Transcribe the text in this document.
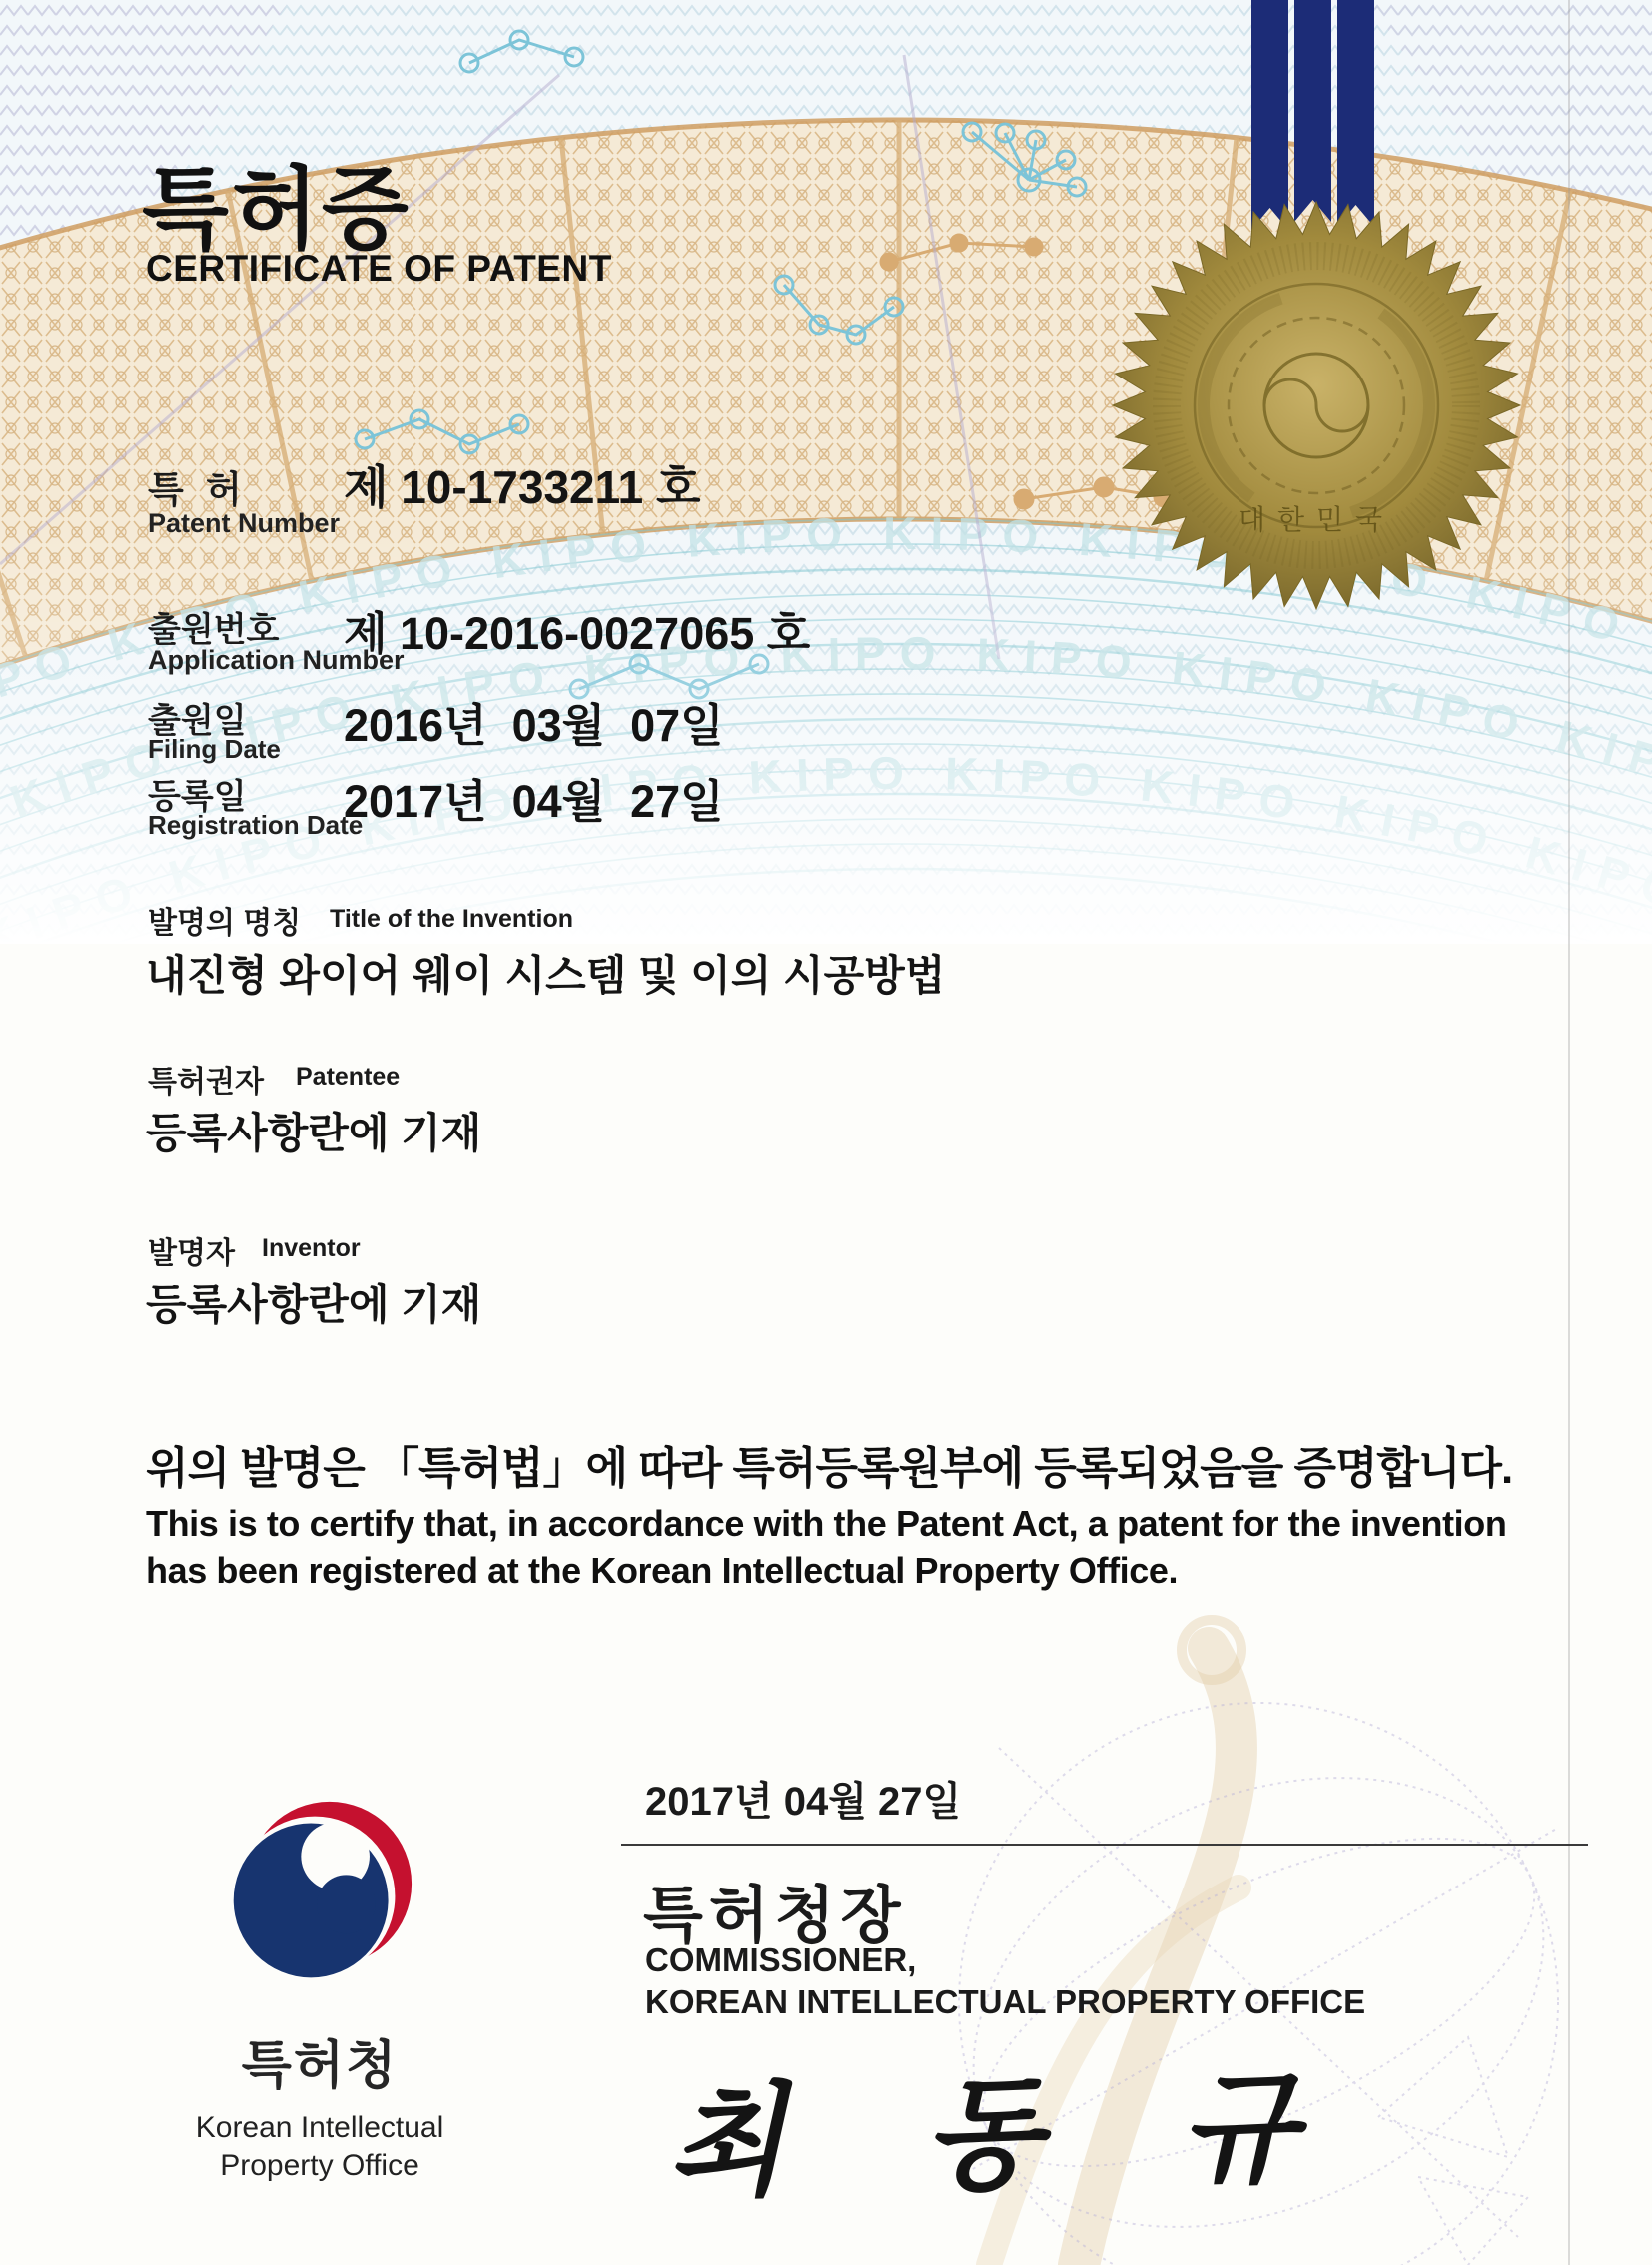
대한민국
특허증
CERTIFICATE OF PATENT
특 허
Patent Number
제 10-1733211 호
출원번호
Application Number
제 10-2016-0027065 호
출원일
Filing Date 2016년  03월  07일
등록일
Registration Date
2017년  04월  27일
발명의 명칭 Title of the Invention
내진형 와이어 웨이 시스템 및 이의 시공방법
특허권자 Patentee
등록사항란에 기재
발명자 Inventor
등록사항란에 기재
위의 발명은 「특허법」에 따라 특허등록원부에 등록되었음을 증명합니다.
This is to certify that, in accordance with the Patent Act, a patent for the invention
has been registered at the Korean Intellectual Property Office.
2017년 04월 27일
특허청장
COMMISSIONER,
KOREAN INTELLECTUAL PROPERTY OFFICE
최 동 규
특허청
Korean Intellectual
Property Office
